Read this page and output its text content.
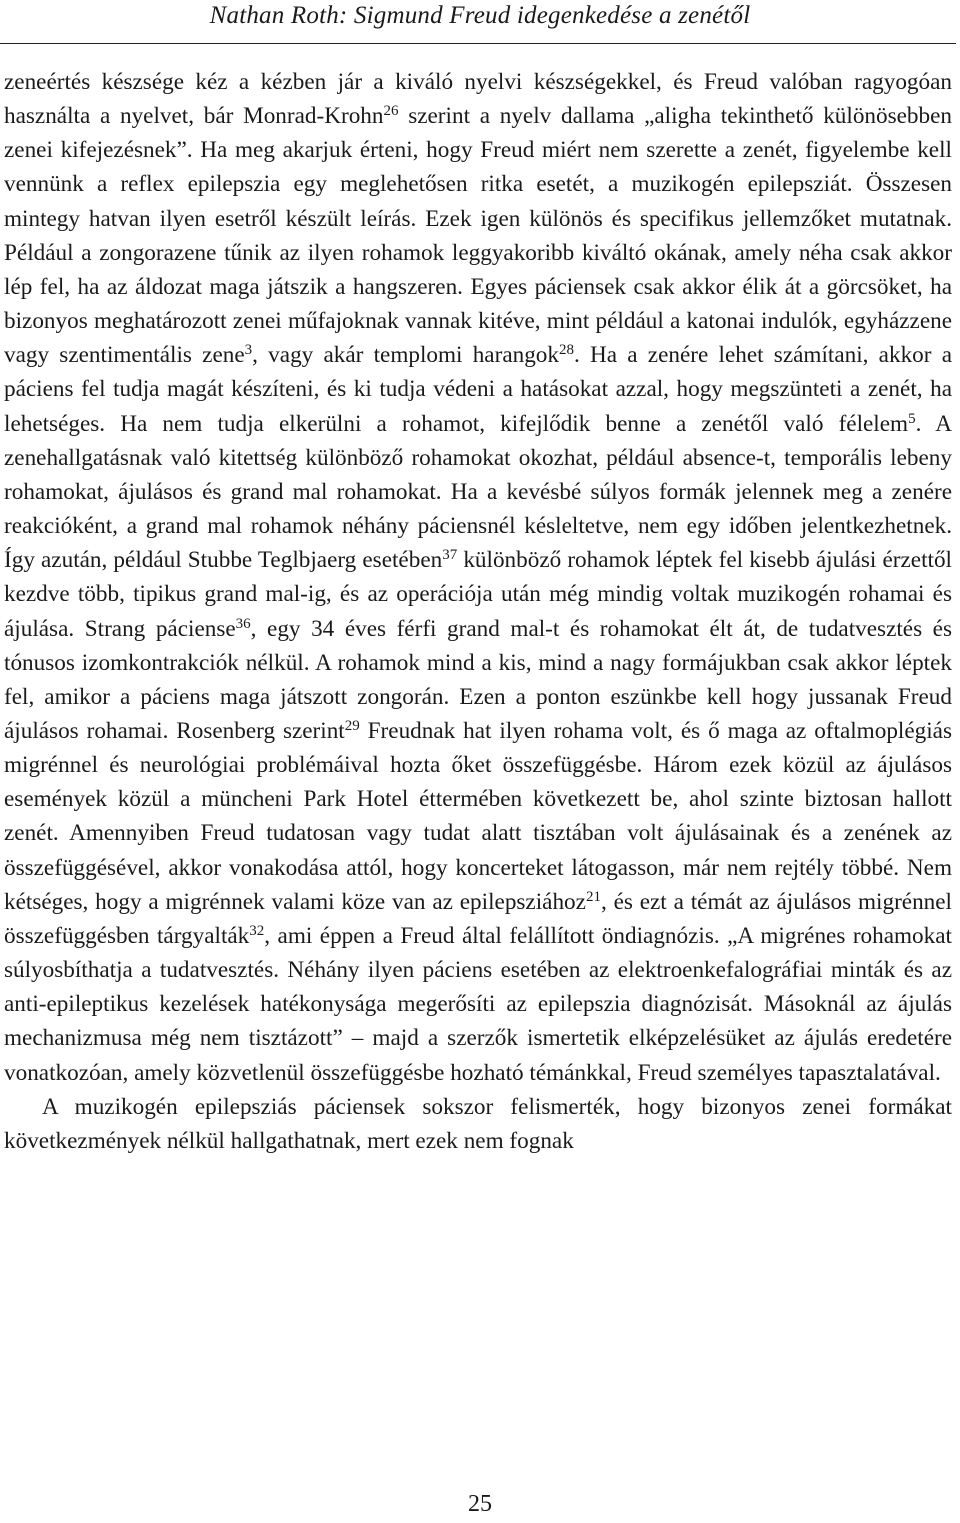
Nathan Roth: Sigmund Freud idegenkedése a zenétől

zeneértés készsége kéz a kézben jár a kiváló nyelvi készségekkel, és Freud valóban ragyogóan használta a nyelvet, bár Monrad-Krohn$^{26}$ szerint a nyelv dallama „aligha tekinthető különösebben zenei kifejezésnek”. Ha meg akarjuk érteni, hogy Freud miért nem szerette a zenét, figyelembe kell vennünk a reflex epilepszia egy meglehetősen ritka esetét, a muzikogén epilepsziát. Összesen mintegy hatvan ilyen esetről készült leírás. Ezek igen különös és specifikus jellemzőket mutatnak. Például a zongorazene tűnik az ilyen rohamok leggyakoribb kiváltó okának, amely néha csak akkor lép fel, ha az áldozat maga játszik a hangszeren. Egyes páciensek csak akkor élik át a görcsöket, ha bizonyos meghatározott zenei műfajoknak vannak kitéve, mint például a katonai indulók, egyházzene vagy szentimentális zene$^3$, vagy akár templomi harangok$^{28}$. Ha a zenére lehet számítani, akkor a páciens fel tudja magát készíteni, és ki tudja védeni a hatásokat azzal, hogy megszünteti a zenét, ha lehetséges. Ha nem tudja elkerülni a rohamot, kifejlődik benne a zenétől való félelem$^5$. A zenehallgatásnak való kitettség különböző rohamokat okozhat, például absence-t, temporális lebeny rohamokat, ájulásos és grand mal rohamokat. Ha a kevésbé súlyos formák jelennek meg a zenére reakcióként, a grand mal rohamok néhány páciensnél késleltetve, nem egy időben jelentkezhetnek. Így azután, például Stubbe Teglbjaerg esetében$^{37}$ különböző rohamok léptek fel kisebb ájulási érzettől kezdve több, tipikus grand mal-ig, és az operációja után még mindig voltak muzikogén rohamai és ájulása. Strang páciense$^{36}$, egy 34 éves férfi grand mal-t és rohamokat élt át, de tudatvesztés és tónusos izomkontrakciók nélkül. A rohamok mind a kis, mind a nagy formájukban csak akkor léptek fel, amikor a páciens maga játszott zongorán. Ezen a ponton eszünkbe kell hogy jussanak Freud ájulásos rohamai. Rosenberg szerint$^{29}$ Freudnak hat ilyen rohama volt, és ő maga az oftalmoplégiás migrénnel és neurológiai problémáival hozta őket összefüggésbe. Három ezek közül az ájulásos események közül a müncheni Park Hotel éttermében következett be, ahol szinte biztosan hallott zenét. Amennyiben Freud tudatosan vagy tudat alatt tisztában volt ájulásainak és a zenének az összefüggésével, akkor vonakodása attól, hogy koncerteket látogasson, már nem rejtély többé. Nem kétséges, hogy a migrénnek valami köze van az epilepsziához$^{21}$, és ezt a témát az ájulásos migrénnel összefüggésben tárgyalták$^{32}$, ami éppen a Freud által felállított öndiagnózis. „A migrénes rohamokat súlyosbíthatja a tudatvesztés. Néhány ilyen páciens esetében az elektroenkefalográfiai minták és az anti-epileptikus kezelések hatékonysága megerősíti az epilepszia diagnózisát. Másoknál az ájulás mechanizmusa még nem tisztázott” – majd a szerzők ismertetik elképzelésüket az ájulás eredetére vonatkozóan, amely közvetlenül összefüggésbe hozható témánkkal, Freud személyes tapasztalatával.

A muzikogén epilepsziás páciensek sokszor felismerték, hogy bizonyos zenei formákat következmények nélkül hallgathatnak, mert ezek nem fognak

25
